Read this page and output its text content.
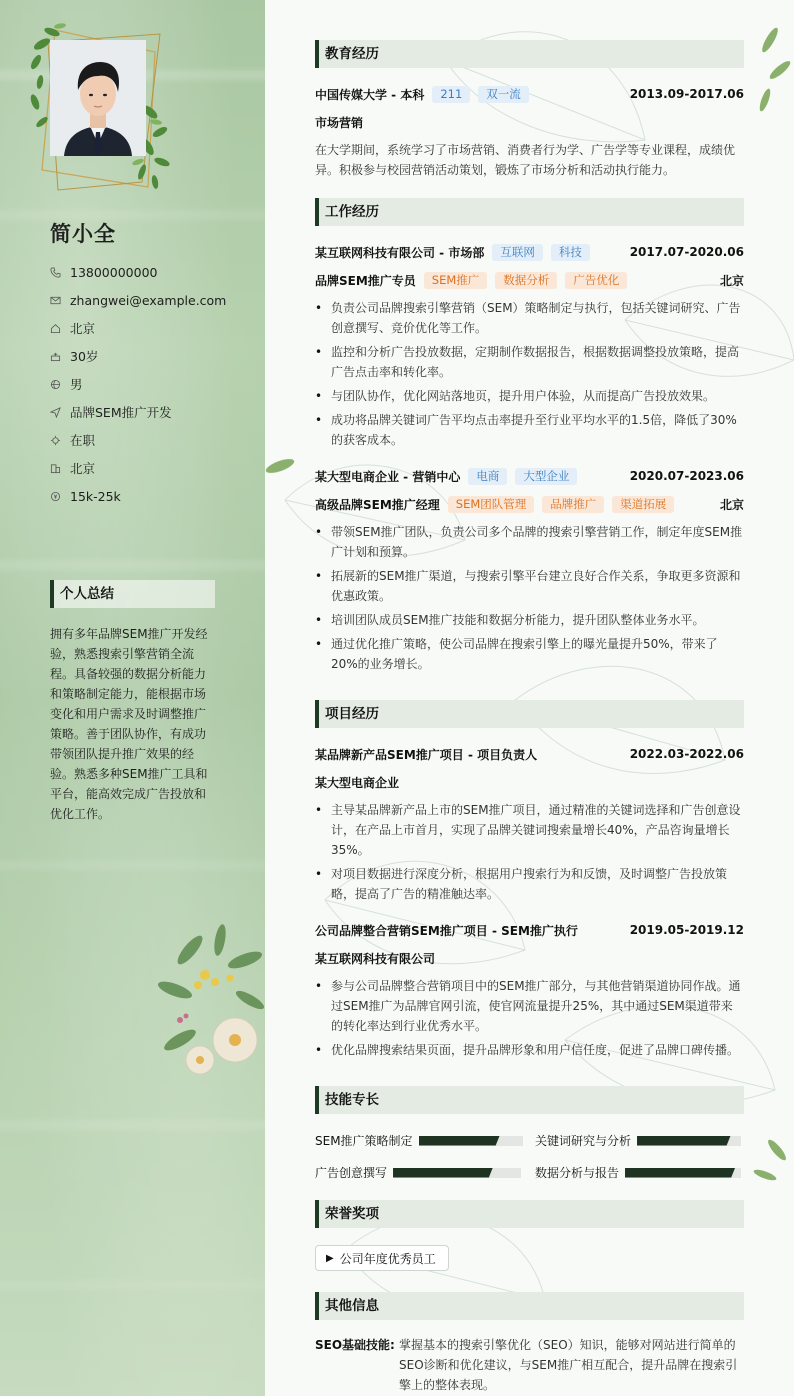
简小全
13800000000
zhangwei@example.com
北京
30岁
男
品牌SEM推广开发
在职
北京
15k-25k
个人总结
拥有多年品牌SEM推广开发经验，熟悉搜索引擎营销全流程。具备较强的数据分析能力和策略制定能力，能根据市场变化和用户需求及时调整推广策略。善于团队协作，有成功带领团队提升推广效果的经验。熟悉多种SEM推广工具和平台，能高效完成广告投放和优化工作。
教育经历
中国传媒大学 - 本科	211	双一流	2013.09-2017.06
市场营销
在大学期间，系统学习了市场营销、消费者行为学、广告学等专业课程，成绩优异。积极参与校园营销活动策划，锻炼了市场分析和活动执行能力。
工作经历
某互联网科技有限公司 - 市场部	互联网	科技	2017.07-2020.06
品牌SEM推广专员	SEM推广	数据分析	广告优化	北京
• 负责公司品牌搜索引擎营销（SEM）策略制定与执行，包括关键词研究、广告创意撰写、竞价优化等工作。
• 监控和分析广告投放数据，定期制作数据报告，根据数据调整投放策略，提高广告点击率和转化率。
• 与团队协作，优化网站落地页，提升用户体验，从而提高广告投放效果。
• 成功将品牌关键词广告平均点击率提升至行业平均水平的1.5倍，降低了30%的获客成本。
某大型电商企业 - 营销中心	电商	大型企业	2020.07-2023.06
高级品牌SEM推广经理	SEM团队管理	品牌推广	渠道拓展	北京
• 带领SEM推广团队，负责公司多个品牌的搜索引擎营销工作，制定年度SEM推广计划和预算。
• 拓展新的SEM推广渠道，与搜索引擎平台建立良好合作关系，争取更多资源和优惠政策。
• 培训团队成员SEM推广技能和数据分析能力，提升团队整体业务水平。
• 通过优化推广策略，使公司品牌在搜索引擎上的曝光量提升50%，带来了20%的业务增长。
项目经历
某品牌新产品SEM推广项目 - 项目负责人	2022.03-2022.06
某大型电商企业
• 主导某品牌新产品上市的SEM推广项目，通过精准的关键词选择和广告创意设计，在产品上市首月，实现了品牌关键词搜索量增长40%，产品咨询量增长35%。
• 对项目数据进行深度分析，根据用户搜索行为和反馈，及时调整广告投放策略，提高了广告的精准触达率。
公司品牌整合营销SEM推广项目 - SEM推广执行	2019.05-2019.12
某互联网科技有限公司
• 参与公司品牌整合营销项目中的SEM推广部分，与其他营销渠道协同作战。通过SEM推广为品牌官网引流，使官网流量提升25%，其中通过SEM渠道带来的转化率达到行业优秀水平。
• 优化品牌搜索结果页面，提升品牌形象和用户信任度，促进了品牌口碑传播。
技能专长
SEM推广策略制定	关键词研究与分析
广告创意撰写	数据分析与报告
荣誉奖项
▶ 公司年度优秀员工
其他信息
SEO基础技能: 掌握基本的搜索引擎优化（SEO）知识，能够对网站进行简单的SEO诊断和优化建议，与SEM推广相互配合，提升品牌在搜索引擎上的整体表现。
